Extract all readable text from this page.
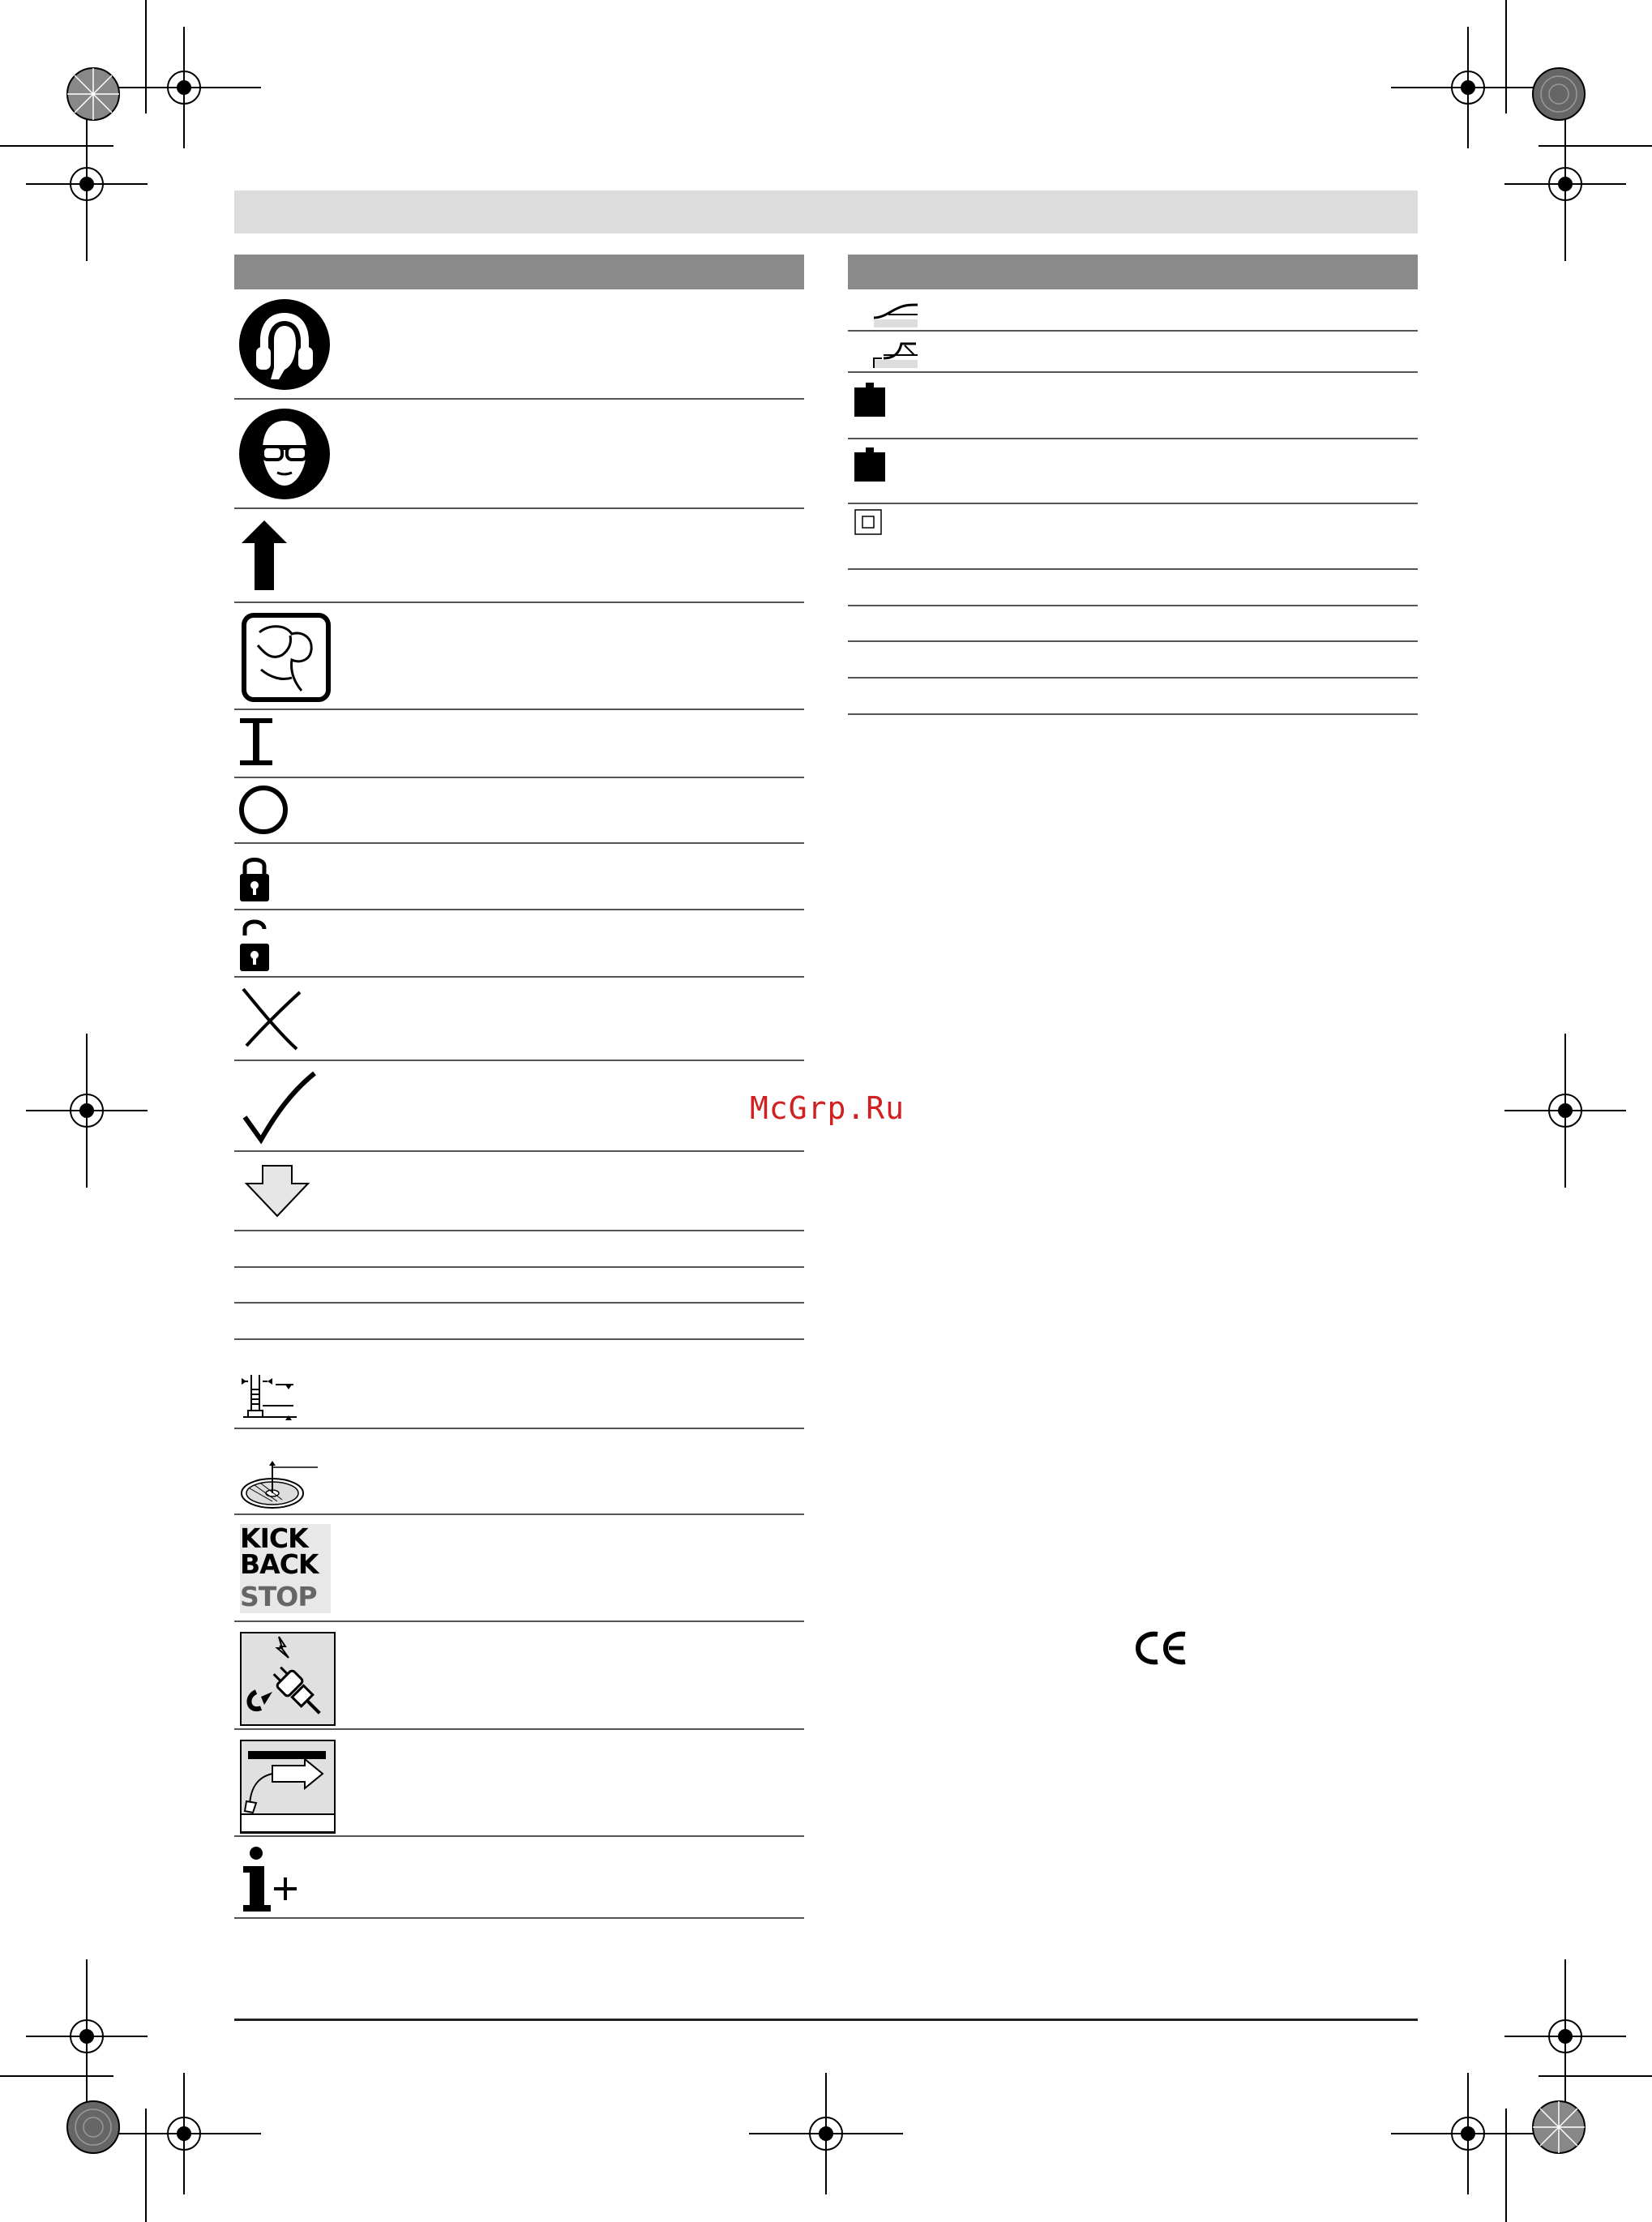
KICK
BACK
STOP
McGrp.Ru
